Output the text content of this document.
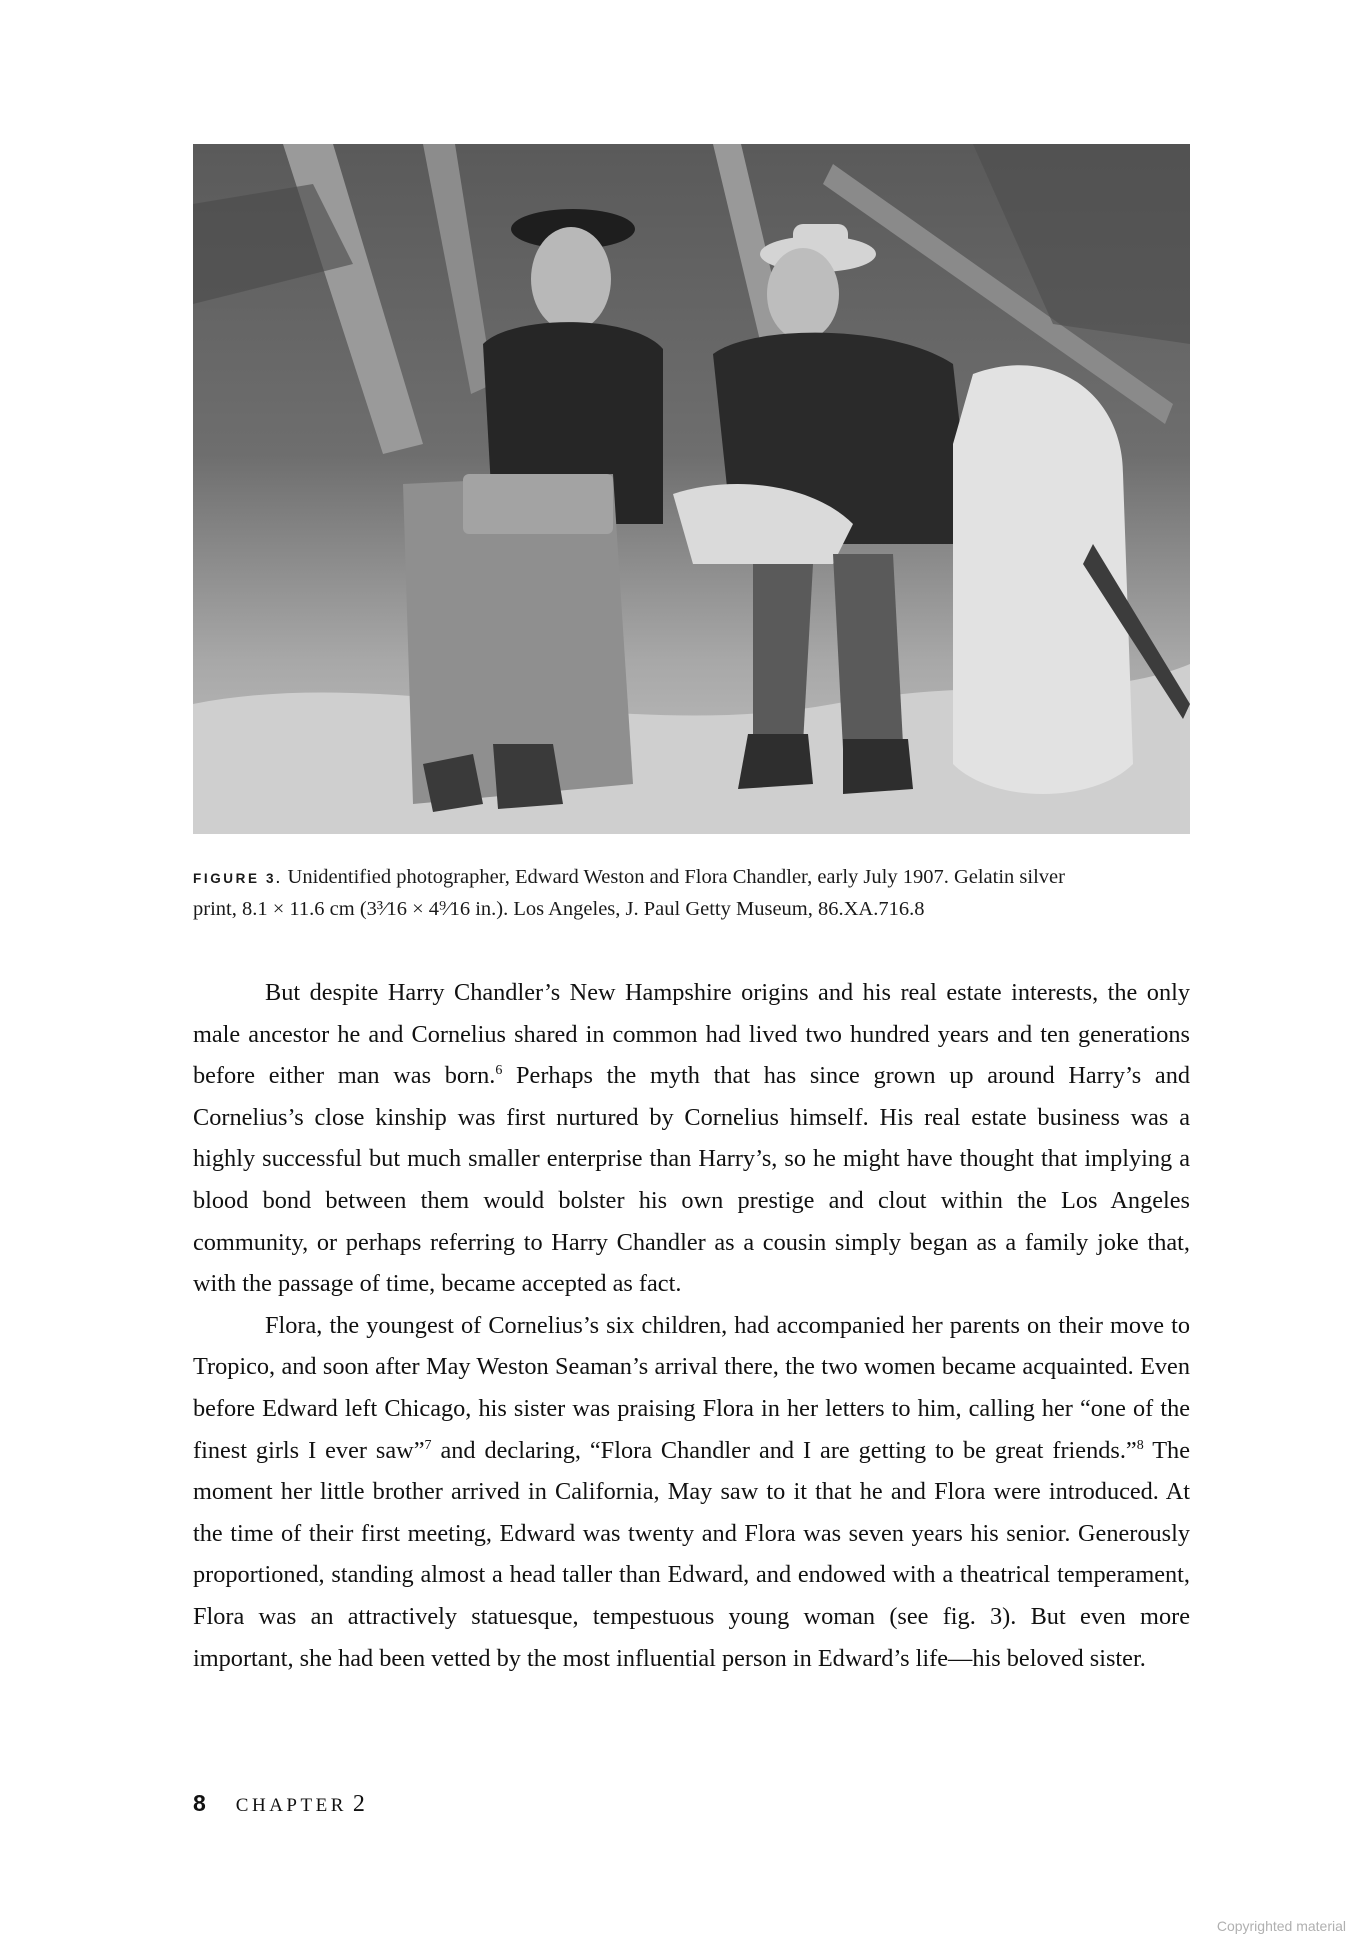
FIGURE 3. Unidentified photographer, Edward Weston and Flora Chandler, early July 1907. Gelatin silver
print, 8.1 × 11.6 cm (3³⁄16 × 4⁹⁄16 in.). Los Angeles, J. Paul Getty Museum, 86.XA.716.8

But despite Harry Chandler’s New Hampshire origins and his real estate interests, the only male ancestor he and Cornelius shared in common had lived two hundred years and ten generations before either man was born.$^6$ Perhaps the myth that has since grown up around Harry’s and Cornelius’s close kinship was first nurtured by Cornelius himself. His real estate business was a highly successful but much smaller enterprise than Harry’s, so he might have thought that implying a blood bond between them would bolster his own prestige and clout within the Los Angeles community, or perhaps referring to Harry Chandler as a cousin simply began as a family joke that, with the passage of time, became accepted as fact.

Flora, the youngest of Cornelius’s six children, had accompanied her parents on their move to Tropico, and soon after May Weston Seaman’s arrival there, the two women became acquainted. Even before Edward left Chicago, his sister was praising Flora in her letters to him, calling her “one of the finest girls I ever saw”$^7$ and declaring, “Flora Chandler and I are getting to be great friends.”$^8$ The moment her little brother arrived in California, May saw to it that he and Flora were introduced. At the time of their first meeting, Edward was twenty and Flora was seven years his senior. Generously proportioned, standing almost a head taller than Edward, and endowed with a theatrical temperament, Flora was an attractively statuesque, tempestuous young woman (see fig. 3). But even more important, she had been vetted by the most influential person in Edward’s life—his beloved sister.

8 CHAPTER 2
Copyrighted material
